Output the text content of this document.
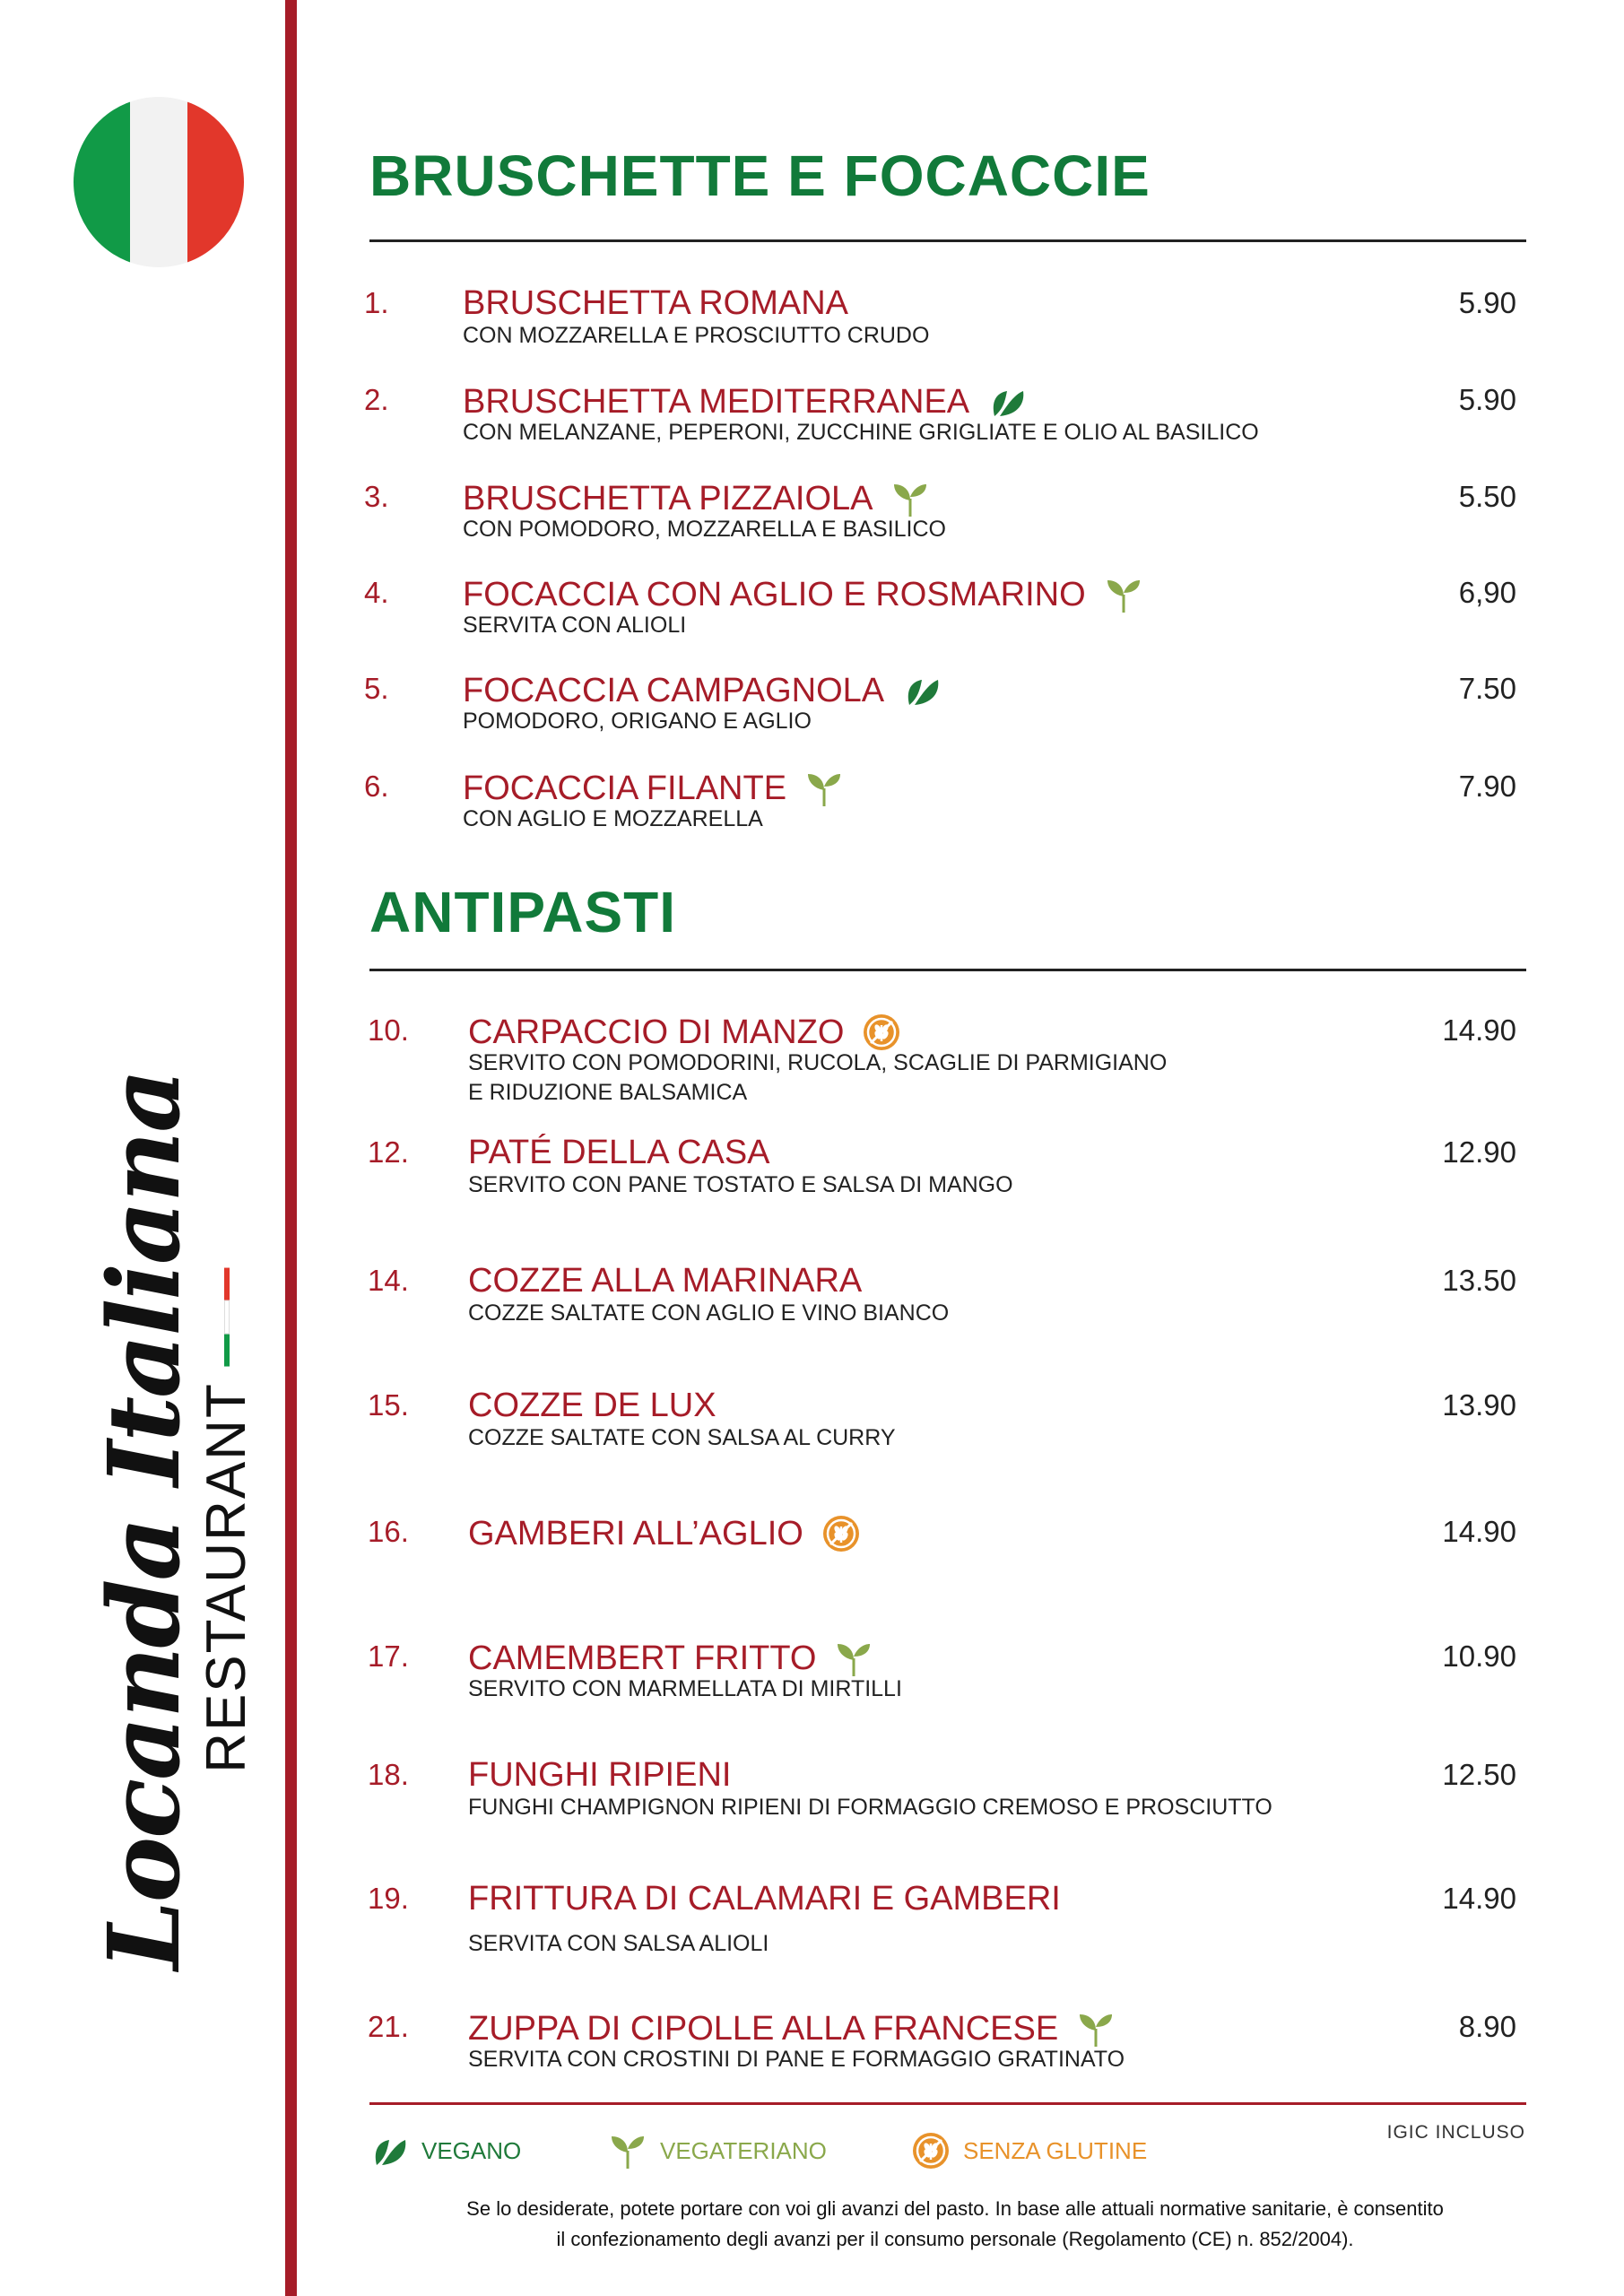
Locanda Italiana
RESTAURANT
BRUSCHETTE E FOCACCIE
ANTIPASTI
1. BRUSCHETTA ROMANA
CON MOZZARELLA E PROSCIUTTO CRUDO
5.90
2. BRUSCHETTA MEDITERRANEA
CON MELANZANE, PEPERONI, ZUCCHINE GRIGLIATE E OLIO AL BASILICO
5.90
3. BRUSCHETTA PIZZAIOLA
CON POMODORO, MOZZARELLA E BASILICO
5.50
4. FOCACCIA CON AGLIO E ROSMARINO
SERVITA CON ALIOLI
6,90
5. FOCACCIA CAMPAGNOLA
POMODORO, ORIGANO E AGLIO
7.50
6. FOCACCIA FILANTE
CON AGLIO E MOZZARELLA
7.90
10. CARPACCIO DI MANZO
SERVITO CON POMODORINI, RUCOLA, SCAGLIE DI PARMIGIANO
E RIDUZIONE BALSAMICA
14.90
12. PATÉ DELLA CASA
SERVITO CON PANE TOSTATO E SALSA DI MANGO
12.90
14. COZZE ALLA MARINARA
COZZE SALTATE CON AGLIO E VINO BIANCO
13.50
15. COZZE DE LUX
COZZE SALTATE CON SALSA AL CURRY
13.90
16. GAMBERI ALL’AGLIO	14.90
17. CAMEMBERT FRITTO
SERVITO CON MARMELLATA DI MIRTILLI
10.90
18. FUNGHI RIPIENI
FUNGHI CHAMPIGNON RIPIENI DI FORMAGGIO CREMOSO E PROSCIUTTO
12.50
19. FRITTURA DI CALAMARI E GAMBERI
SERVITA CON SALSA ALIOLI
14.90
21. ZUPPA DI CIPOLLE ALLA FRANCESE
SERVITA CON CROSTINI DI PANE E FORMAGGIO GRATINATO
8.90
VEGANO	VEGATERIANO	SENZA GLUTINE
IGIC INCLUSO
Se lo desiderate, potete portare con voi gli avanzi del pasto. In base alle attuali normative sanitarie, è consentito
il confezionamento degli avanzi per il consumo personale (Regolamento (CE) n. 852/2004).
